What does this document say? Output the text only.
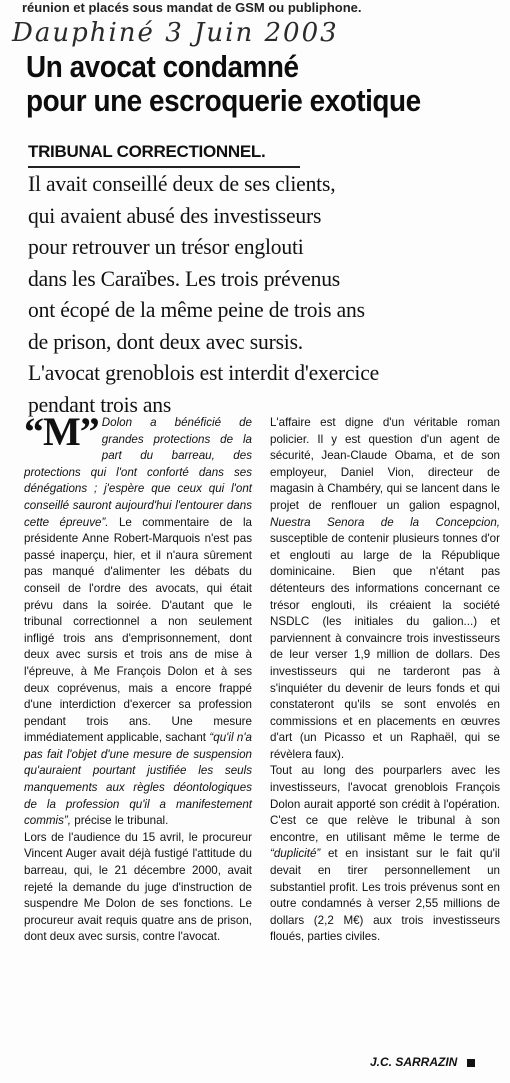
réunion et placés sous mandat de GSM ou publiphone.
Dauphiné 3 Juin 2003
Un avocat condamné
pour une escroquerie exotique
TRIBUNAL CORRECTIONNEL.
Il avait conseillé deux de ses clients,
qui avaient abusé des investisseurs
pour retrouver un trésor englouti
dans les Caraïbes. Les trois prévenus
ont écopé de la même peine de trois ans
de prison, dont deux avec sursis.
L'avocat grenoblois est interdit d'exercice
pendant trois ans

“M” Dolon a bénéficié de grandes protections de la part du barreau, des protections qui l'ont conforté dans ses dénégations ; j'espère que ceux qui l'ont conseillé sauront aujourd'hui l'entourer dans cette épreuve”. Le commentaire de la présidente Anne Robert-Marquois n'est pas passé inaperçu, hier, et il n'aura sûrement pas manqué d'alimenter les débats du conseil de l'ordre des avocats, qui était prévu dans la soirée. D'autant que le tribunal correctionnel a non seulement infligé trois ans d'emprisonnement, dont deux avec sursis et trois ans de mise à l'épreuve, à Me François Dolon et à ses deux coprévenus, mais a encore frappé d'une interdiction d'exercer sa profession pendant trois ans. Une mesure immédiatement applicable, sachant “qu'il n'a pas fait l'objet d'une mesure de suspension qu'auraient pourtant justifiée les seuls manquements aux règles déontologiques de la profession qu'il a manifestement commis”, précise le tribunal.

Lors de l'audience du 15 avril, le procureur Vincent Auger avait déjà fustigé l'attitude du barreau, qui, le 21 décembre 2000, avait rejeté la demande du juge d'instruction de suspendre Me Dolon de ses fonctions. Le procureur avait requis quatre ans de prison, dont deux avec sursis, contre l'avocat.

L'affaire est digne d'un véritable roman policier. Il y est question d'un agent de sécurité, Jean-Claude Obama, et de son employeur, Daniel Vion, directeur de magasin à Chambéry, qui se lancent dans le projet de renflouer un galion espagnol, Nuestra Senora de la Concepcion, susceptible de contenir plusieurs tonnes d'or et englouti au large de la République dominicaine. Bien que n'étant pas détenteurs des informations concernant ce trésor englouti, ils créaient la société NSDLC (les initiales du galion...) et parviennent à convaincre trois investisseurs de leur verser 1,9 million de dollars. Des investisseurs qui ne tarderont pas à s'inquiéter du devenir de leurs fonds et qui constateront qu'ils se sont envolés en commissions et en placements en œuvres d'art (un Picasso et un Raphaël, qui se révèlera faux).

Tout au long des pourparlers avec les investisseurs, l'avocat grenoblois François Dolon aurait apporté son crédit à l'opération. C'est ce que relève le tribunal à son encontre, en utilisant même le terme de “duplicité” et en insistant sur le fait qu'il devait en tirer personnellement un substantiel profit. Les trois prévenus sont en outre condamnés à verser 2,55 millions de dollars (2,2 M€) aux trois investisseurs floués, parties civiles.

J.C. SARRAZIN
